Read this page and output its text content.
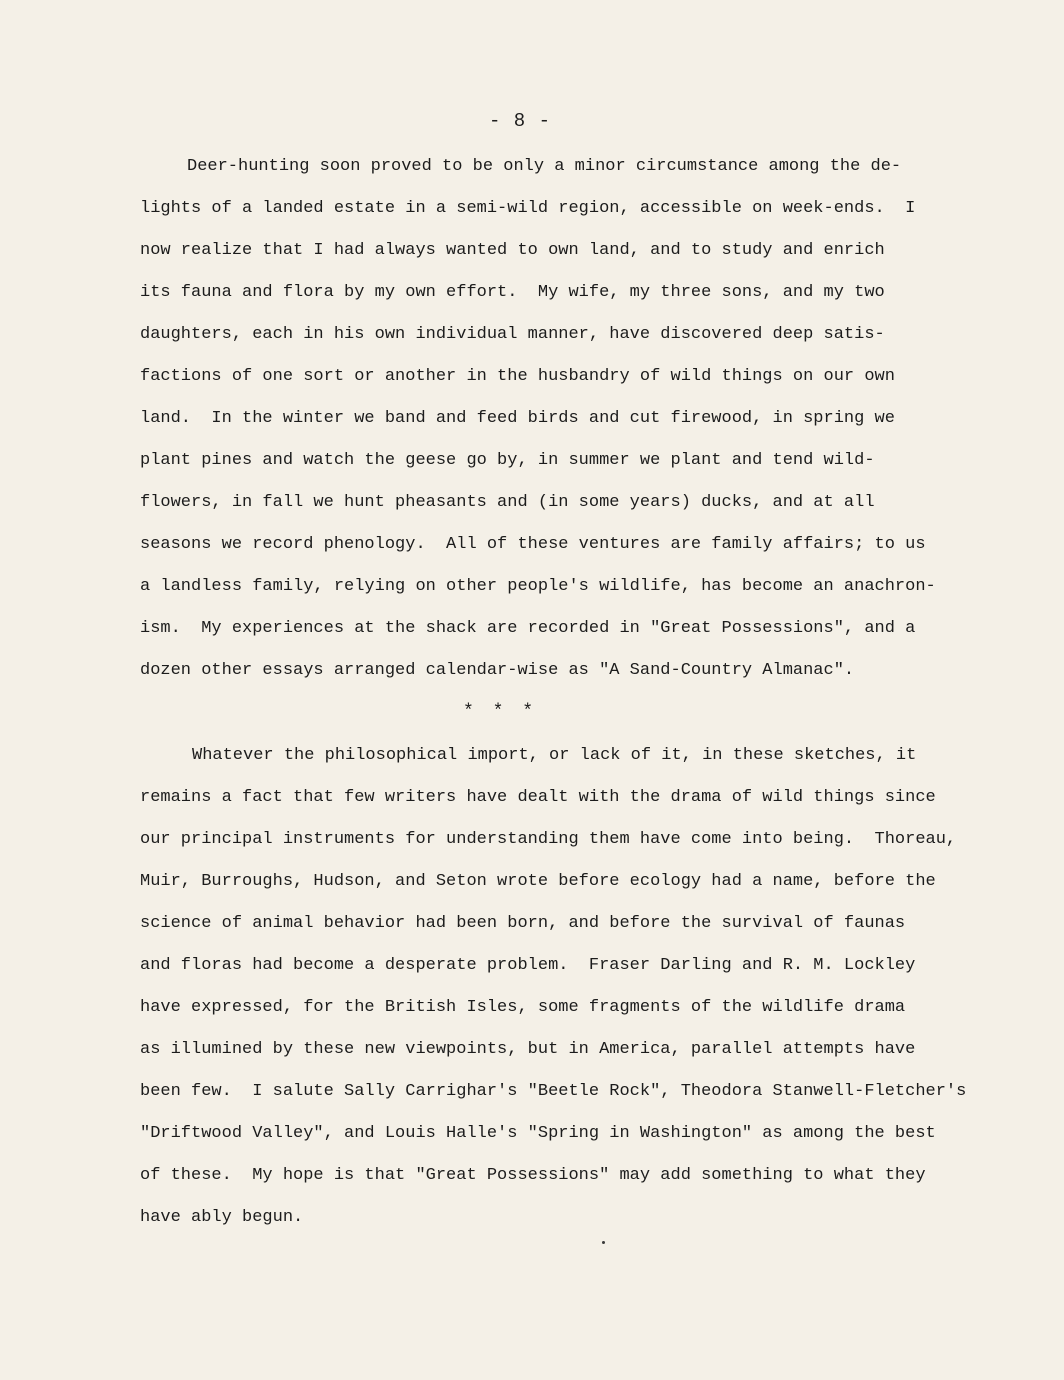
- 8 -
Deer-hunting soon proved to be only a minor circumstance among the de-
lights of a landed estate in a semi-wild region, accessible on week-ends.  I
now realize that I had always wanted to own land, and to study and enrich
its fauna and flora by my own effort.  My wife, my three sons, and my two
daughters, each in his own individual manner, have discovered deep satis-
factions of one sort or another in the husbandry of wild things on our own
land.  In the winter we band and feed birds and cut firewood, in spring we
plant pines and watch the geese go by, in summer we plant and tend wild-
flowers, in fall we hunt pheasants and (in some years) ducks, and at all
seasons we record phenology.  All of these ventures are family affairs; to us
a landless family, relying on other people's wildlife, has become an anachron-
ism.  My experiences at the shack are recorded in "Great Possessions", and a
dozen other essays arranged calendar-wise as "A Sand-Country Almanac".
* * *
Whatever the philosophical import, or lack of it, in these sketches, it
remains a fact that few writers have dealt with the drama of wild things since
our principal instruments for understanding them have come into being.  Thoreau,
Muir, Burroughs, Hudson, and Seton wrote before ecology had a name, before the
science of animal behavior had been born, and before the survival of faunas
and floras had become a desperate problem.  Fraser Darling and R. M. Lockley
have expressed, for the British Isles, some fragments of the wildlife drama
as illumined by these new viewpoints, but in America, parallel attempts have
been few.  I salute Sally Carrighar's "Beetle Rock", Theodora Stanwell-Fletcher's
"Driftwood Valley", and Louis Halle's "Spring in Washington" as among the best
of these.  My hope is that "Great Possessions" may add something to what they
have ably begun.
